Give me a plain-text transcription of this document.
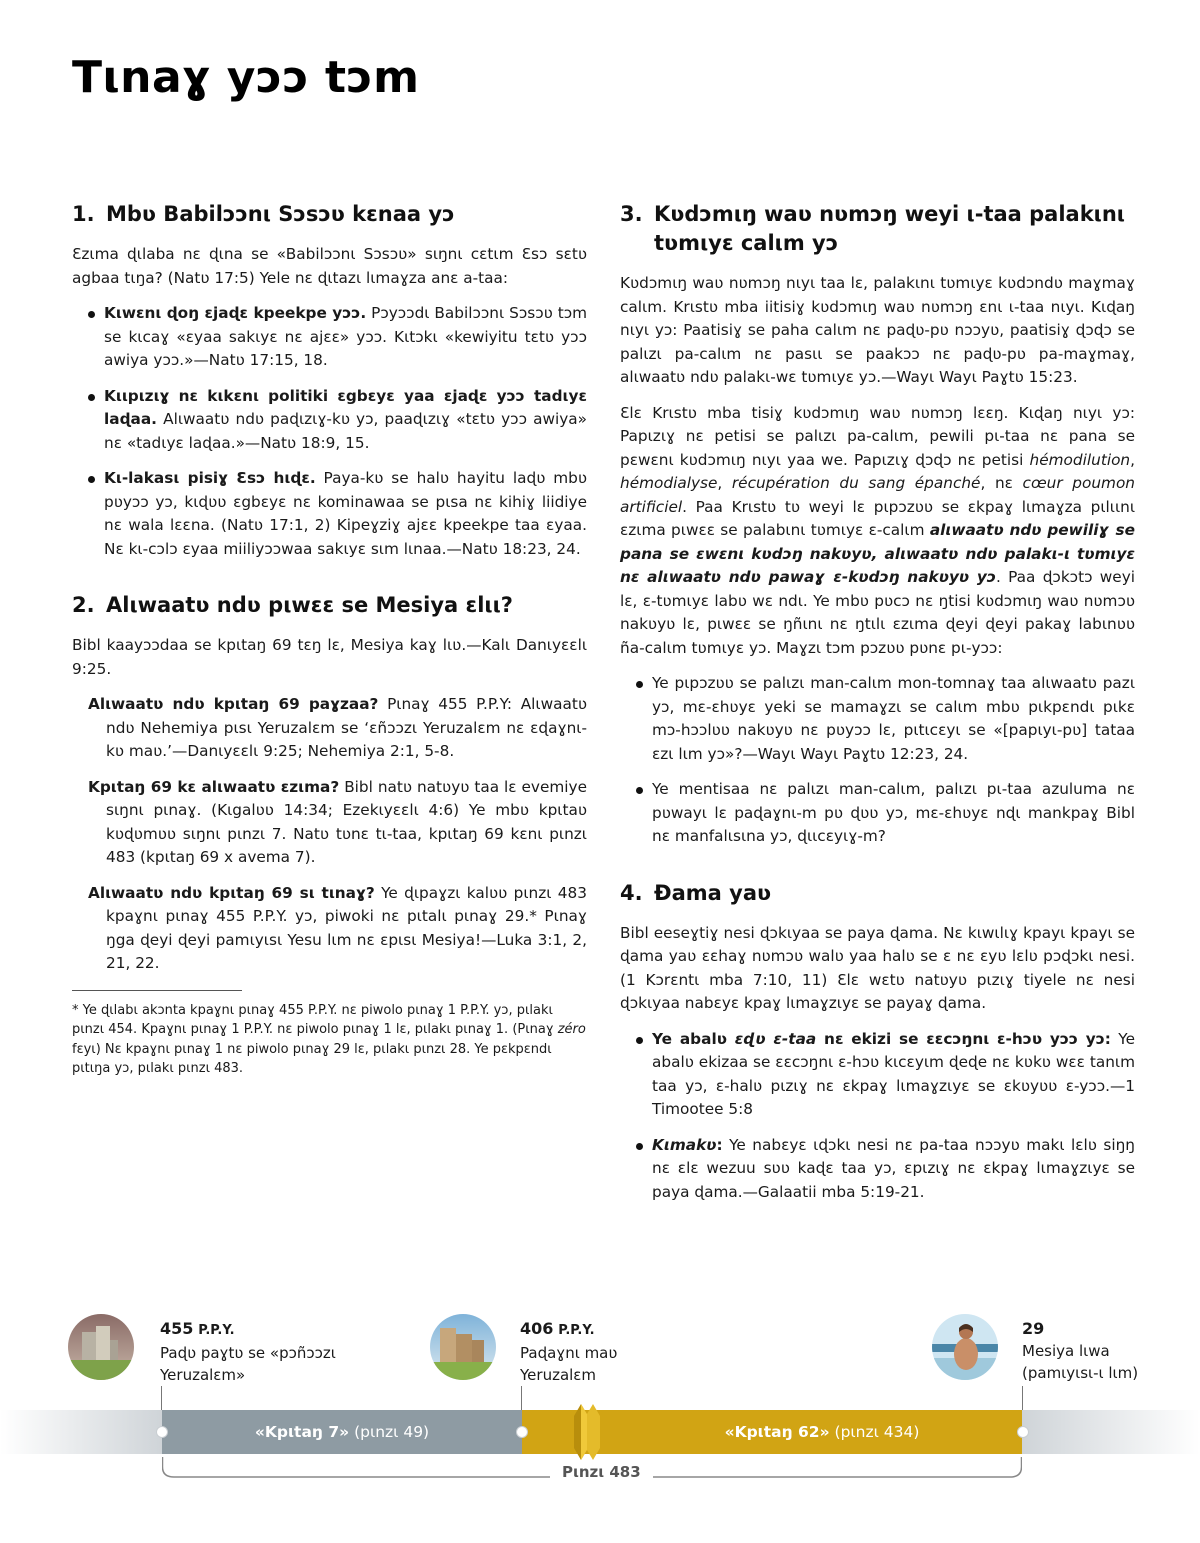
Tιnaɣ yɔɔ tɔm
1. Mbʋ Babilɔɔnι Sɔsɔʋ kɛnaa yɔ

Ɛzιma ɖιlaba nɛ ɖιna se «Babilɔɔnι Sɔsɔʋ» sιŋnι cɛtιm Ɛsɔ sɛtʋ agbaa tιŋa? (Natʋ 17:5) Yele nɛ ɖιtazι lιmaɣza anɛ a-taa:

Kιwɛnι ɖoŋ ɛjaɖɛ kpeekpe yɔɔ. Pɔyɔɔdι Babilɔɔnι Sɔsɔʋ tɔm se kιcaɣ «ɛyaa sakιyɛ nɛ ajɛɛ» yɔɔ. Kιtɔkι «kewiyitu tɛtʋ yɔɔ awiya yɔɔ.»—Natʋ 17:15, 18.
Kιιpιzιɣ nɛ kιkɛnι politiki ɛgbɛyɛ yaa ɛjaɖɛ yɔɔ tadιyɛ laɖaa. Alιwaatʋ ndʋ paɖιzιɣ-kʋ yɔ, paaɖιzιɣ «tɛtʋ yɔɔ awiya» nɛ «tadιyɛ laɖaa.»—Natʋ 18:9, 15.
Kι-lakasι pisiɣ Ɛsɔ hιɖɛ. Paya-kʋ se halʋ hayitu laɖʋ mbʋ pʋyɔɔ yɔ, kιɖʋʋ ɛgbɛyɛ nɛ kominawaa se pιsa nɛ kihiɣ liidiye nɛ wala lɛɛna. (Natʋ 17:1, 2) Kipeɣziɣ ajɛɛ kpeekpe taa ɛyaa. Nɛ kι-cɔlɔ ɛyaa miiliyɔɔwaa sakιyɛ sιm lιnaa.—Natʋ 18:23, 24.
2. Alιwaatʋ ndʋ pιwɛɛ se Mesiya ɛlιι?

Bibl kaayɔɔdaa se kpιtaŋ 69 tɛŋ lɛ, Mesiya kaɣ lιʋ.—Kalι Danιyɛɛlι 9:25.

Alιwaatʋ ndʋ kpιtaŋ 69 paɣzaa? Pιnaɣ 455 P.P.Y: Alιwaatʋ ndʋ Nehemiya pιsι Yeruzalɛm se ‘ɛñɔɔzι Yeruzalɛm nɛ ɛɖaɣnι-kʋ maʋ.’—Danιyɛɛlι 9:25; Nehemiya 2:1, 5-8.
Kpιtaŋ 69 kɛ alιwaatʋ ɛzιma? Bibl natʋ natʋyʋ taa lɛ evemiye sιŋnι pιnaɣ. (Kιgalʋʋ 14:34; Ezekιyɛɛlι 4:6) Ye mbʋ kpιtaʋ kʋɖʋmʋʋ sιŋnι pιnzι 7. Natʋ tʋnɛ tι-taa, kpιtaŋ 69 kɛnι pιnzι 483 (kpιtaŋ 69 x avema 7).
Alιwaatʋ ndʋ kpιtaŋ 69 sι tιnaɣ? Ye ɖιpaɣzι kalʋʋ pιnzι 483 kpaɣnι pιnaɣ 455 P.P.Y. yɔ, piwoki nɛ pιtalι pιnaɣ 29.* Pιnaɣ ŋga ɖeyi ɖeyi pamιyιsι Yesu lιm nɛ ɛpιsι Mesiya!—Luka 3:1, 2, 21, 22.

* Ye ɖιlabι akɔnta kpaɣnι pιnaɣ 455 P.P.Y. nɛ piwolo pιnaɣ 1 P.P.Y. yɔ, pιlakι pιnzι 454. Kpaɣnι pιnaɣ 1 P.P.Y. nɛ piwolo pιnaɣ 1 lɛ, pιlakι pιnaɣ 1. (Pιnaɣ zéro fɛyι) Nɛ kpaɣnι pιnaɣ 1 nɛ piwolo pιnaɣ 29 lɛ, pιlakι pιnzι 28. Ye pɛkpɛndι pιtιŋa yɔ, pιlakι pιnzι 483.

3. Kʋdɔmιŋ waʋ nʋmɔŋ weyi ι-taa palakιnι tʋmιyɛ calιm yɔ

Kʋdɔmιŋ waʋ nʋmɔŋ nιyι taa lɛ, palakιnι tʋmιyɛ kʋdɔndʋ maɣmaɣ calιm. Krιstʋ mba iitisiɣ kʋdɔmιŋ waʋ nʋmɔŋ ɛnι ι-taa nιyι. Kιɖaŋ nιyι yɔ: Paatisiɣ se paha calιm nɛ paɖʋ-pʋ nɔɔyʋ, paatisiɣ ɖɔɖɔ se palιzι pa-calιm nɛ pasιι se paakɔɔ nɛ paɖʋ-pʋ pa-maɣmaɣ, alιwaatʋ ndʋ palakι-wɛ tʋmιyɛ yɔ.—Wayι Wayι Paɣtʋ 15:23.

Ɛlɛ Krιstʋ mba tisiɣ kʋdɔmιŋ waʋ nʋmɔŋ lɛɛŋ. Kιɖaŋ nιyι yɔ: Papιzιɣ nɛ petisi se palιzι pa-calιm, pewili pι-taa nɛ pana se pɛwɛnι kʋdɔmιŋ nιyι yaa we. Papιzιɣ ɖɔɖɔ nɛ petisi hémodilution, hémodialyse, récupération du sang épanché, nɛ cœur poumon artificiel. Paa Krιstʋ tʋ weyi lɛ pιpɔzʋʋ se ɛkpaɣ lιmaɣza pιlιιnι ɛzιma pιwɛɛ se palabιnι tʋmιyɛ ɛ-calιm alιwaatʋ ndʋ pewiliɣ se pana se ɛwɛnι kʋdɔŋ nakʋyʋ, alιwaatʋ ndʋ palakι-ι tʋmιyɛ nɛ alιwaatʋ ndʋ pawaɣ ɛ-kʋdɔŋ nakʋyʋ yɔ. Paa ɖɔkɔtɔ weyi lɛ, ɛ-tʋmιyɛ labʋ wɛ ndι. Ye mbʋ pʋcɔ nɛ ŋtisi kʋdɔmιŋ waʋ nʋmɔʋ nakʋyʋ lɛ, pιwɛɛ se ŋñιnι nɛ ŋtιlι ɛzιma ɖeyi ɖeyi pakaɣ labιnʋʋ ña-calιm tʋmιyɛ yɔ. Maɣzι tɔm pɔzʋʋ pʋnɛ pι-yɔɔ:

Ye pιpɔzʋʋ se palιzι man-calιm mon-tomnaɣ taa alιwaatʋ pazι yɔ, mɛ-ɛhʋyɛ yeki se mamaɣzι se calιm mbʋ pιkpɛndι pιkɛ mɔ-hɔɔlʋʋ nakʋyʋ nɛ pʋyɔɔ lɛ, pιtιcɛyι se «[papιyι-pʋ] tataa ɛzι lιm yɔ»?—Wayι Wayι Paɣtʋ 12:23, 24.
Ye mentisaa nɛ palιzι man-calιm, palιzι pι-taa azuluma nɛ pʋwayι lɛ paɖaɣnι-m pʋ ɖʋʋ yɔ, mɛ-ɛhʋyɛ nɖι mankpaɣ Bibl nɛ manfalιsιna yɔ, ɖιιcɛyιɣ-m?
4. Đama yaʋ

Bibl eeseɣtiɣ nesi ɖɔkιyaa se paya ɖama. Nɛ kιwιlιɣ kpayι kpayι se ɖama yaʋ ɛɛhaɣ nʋmɔʋ walʋ yaa halʋ se ɛ nɛ ɛyʋ lɛlʋ pɔɖɔkι nesi. (1 Kɔrɛntι mba 7:10, 11) Ɛlɛ wɛtʋ natʋyʋ pιzιɣ tiyele nɛ nesi ɖɔkιyaa nabɛyɛ kpaɣ lιmaɣzιyɛ se payaɣ ɖama.

Ye abalʋ ɛɖʋ ɛ-taa nɛ ekizi se ɛɛcɔŋnι ɛ-hɔʋ yɔɔ yɔ: Ye abalʋ ekizaa se ɛɛcɔŋnι ɛ-hɔʋ kιcɛyιm ɖeɖe nɛ kʋkʋ wɛɛ tanιm taa yɔ, ɛ-halʋ pιzιɣ nɛ ɛkpaɣ lιmaɣzιyɛ se ɛkʋyʋʋ ɛ-yɔɔ.—1 Timootee 5:8
Kιmakʋ: Ye nabɛyɛ ιɖɔkι nesi nɛ pa-taa nɔɔyʋ makι lɛlʋ siŋŋ nɛ ɛlɛ wezuu sʋʋ kaɖɛ taa yɔ, ɛpιzιɣ nɛ ɛkpaɣ lιmaɣzιyɛ se paya ɖama.—Galaatii mba 5:19-21.
455 P.P.Y.
Paɖʋ paɣtʋ se «pɔñɔɔzι
Yeruzalɛm»
406 P.P.Y.
Paɖaɣnι maʋ
Yeruzalɛm
29
Mesiya lιwa
(pamιyιsι-ι lιm)
«Kpιtaŋ 7» (pιnzι 49)	«Kpιtaŋ 62» (pιnzι 434)
Pιnzι 483
